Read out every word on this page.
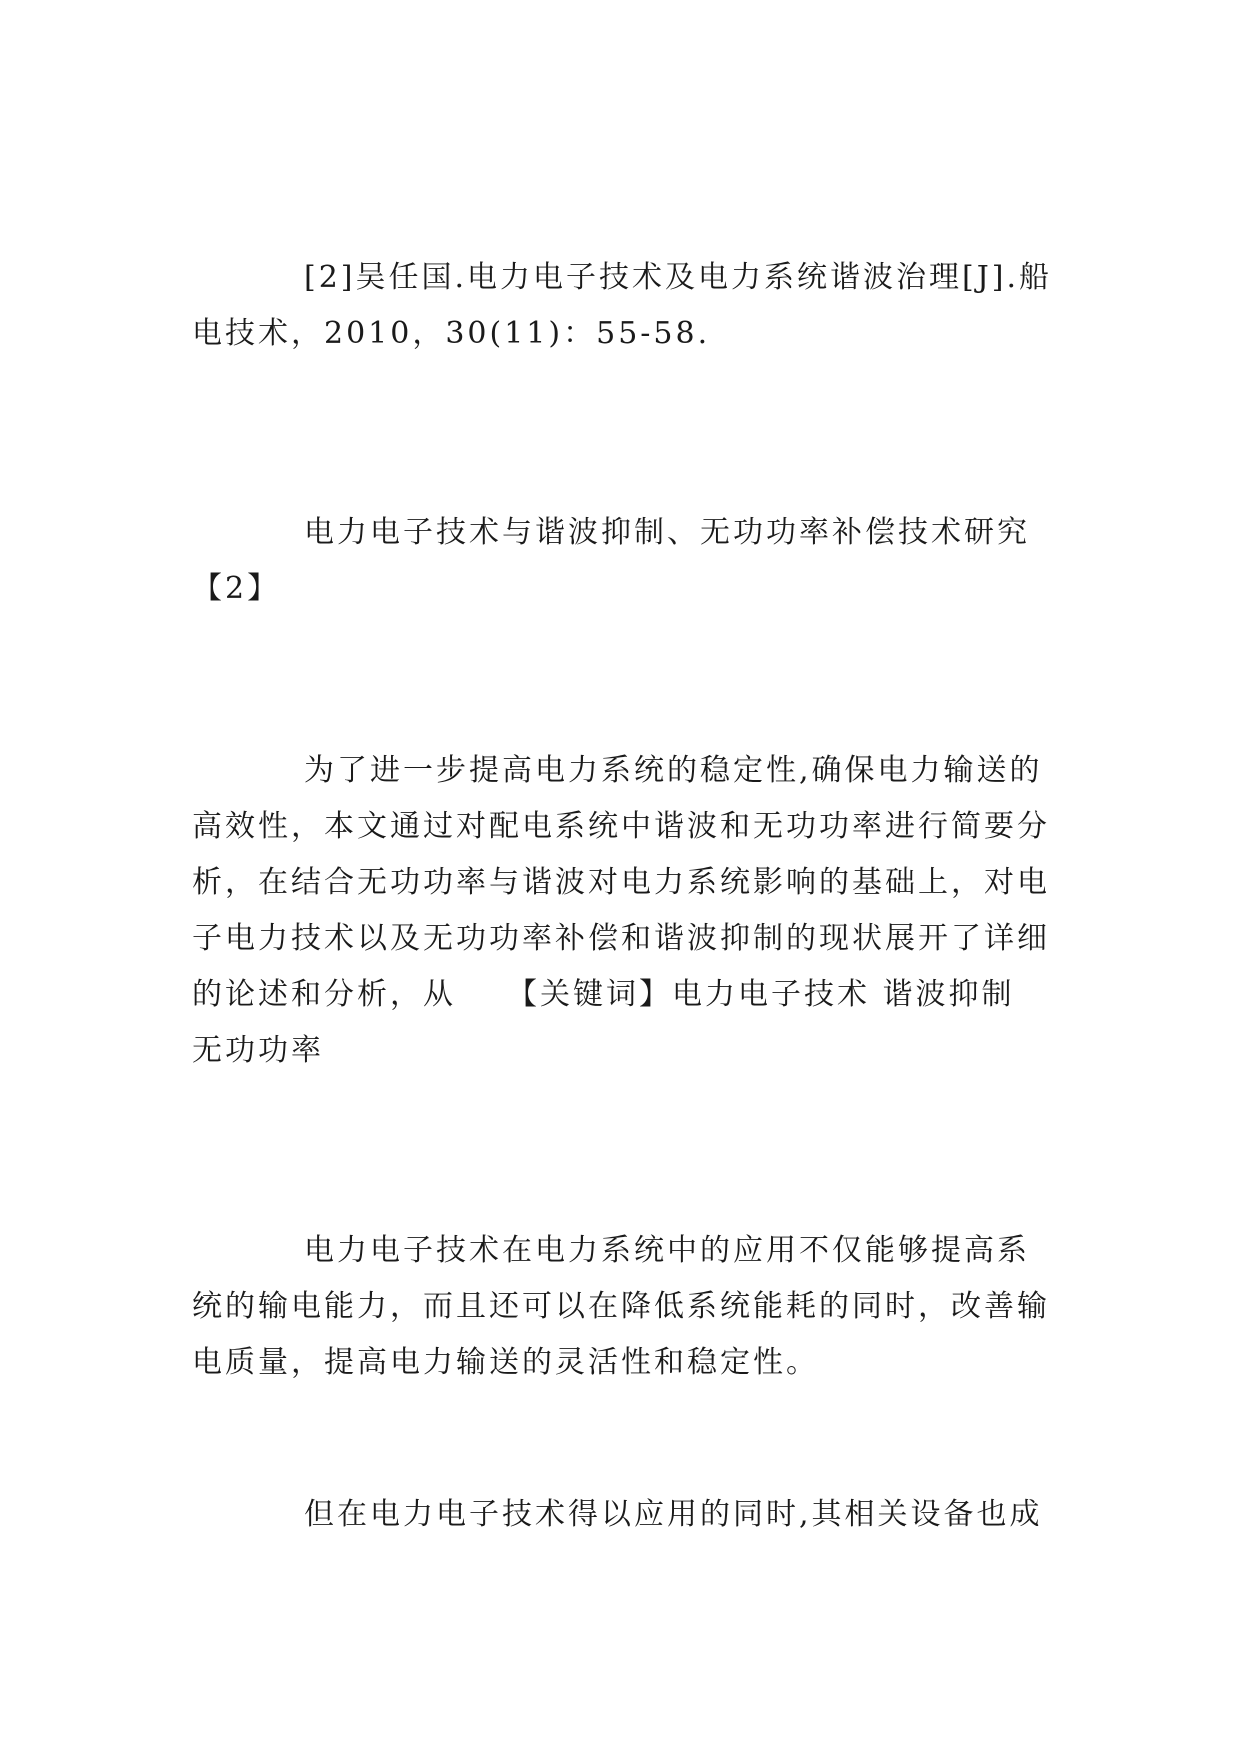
[2]吴任国.电力电子技术及电力系统谐波治理[J].船电技术，2010，30(11)：55-58.

电力电子技术与谐波抑制、无功功率补偿技术研究【2】

为了进一步提高电力系统的稳定性,确保电力输送的高效性，本文通过对配电系统中谐波和无功功率进行简要分析，在结合无功功率与谐波对电力系统影响的基础上，对电子电力技术以及无功功率补偿和谐波抑制的现状展开了详细的论述和分析，从　　【关键词】电力电子技术 谐波抑制 无功功率

电力电子技术在电力系统中的应用不仅能够提高系统的输电能力，而且还可以在降低系统能耗的同时，改善输电质量，提高电力输送的灵活性和稳定性。

但在电力电子技术得以应用的同时,其相关设备也成
